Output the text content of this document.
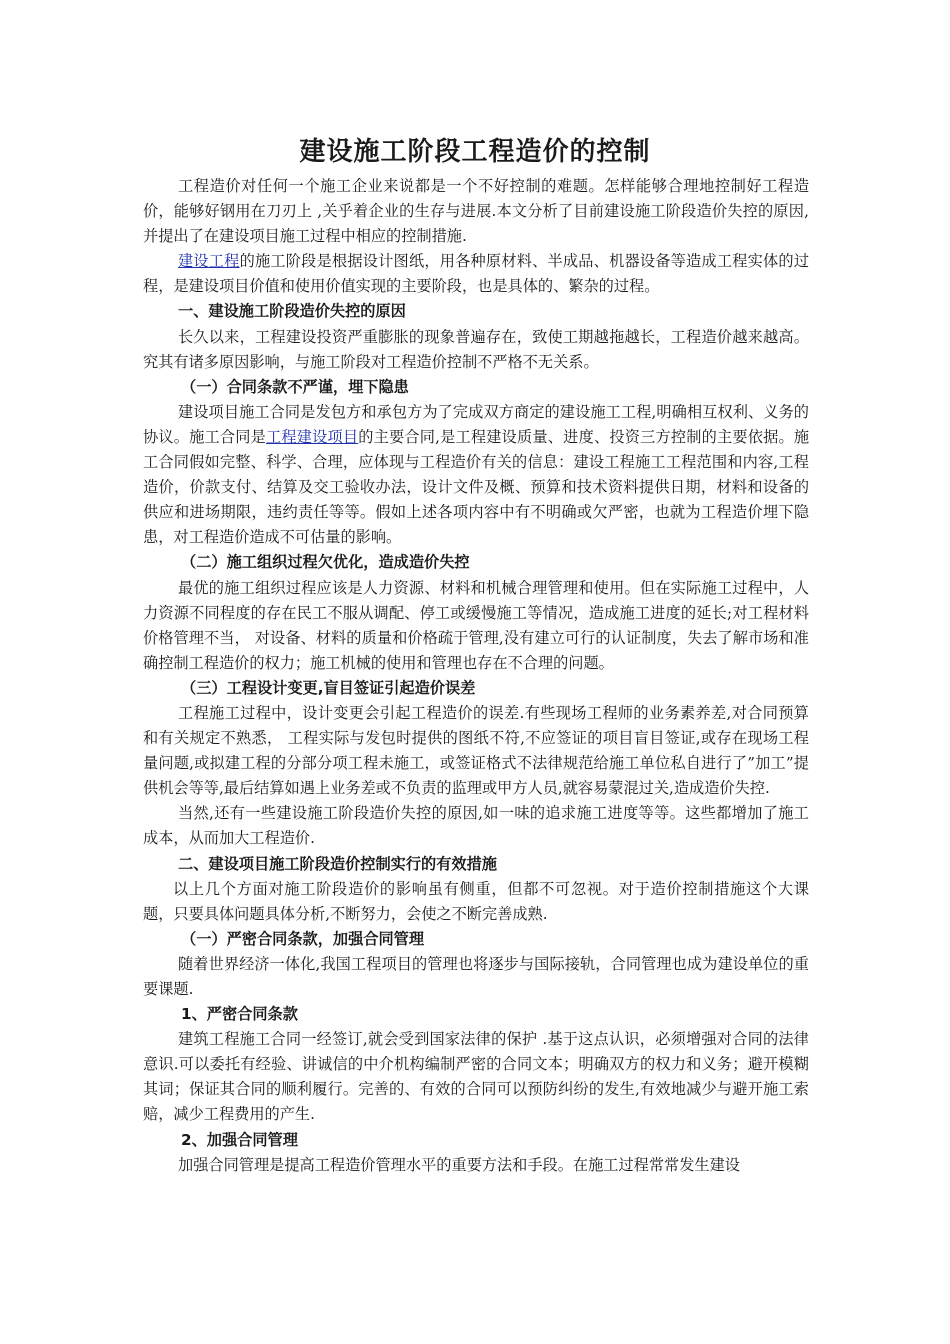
建设施工阶段工程造价的控制

工程造价对任何一个施工企业来说都是一个不好控制的难题。怎样能够合理地控制好工程造价，能够好钢用在刀刃上 ,关乎着企业的生存与进展.本文分析了目前建设施工阶段造价失控的原因,并提出了在建设项目施工过程中相应的控制措施.

建设工程的施工阶段是根据设计图纸，用各种原材料、半成品、机器设备等造成工程实体的过程，是建设项目价值和使用价值实现的主要阶段，也是具体的、繁杂的过程。

一、建设施工阶段造价失控的原因

长久以来，工程建设投资严重膨胀的现象普遍存在，致使工期越拖越长，工程造价越来越高。究其有诸多原因影响，与施工阶段对工程造价控制不严格不无关系。

（一）合同条款不严谨，埋下隐患

建设项目施工合同是发包方和承包方为了完成双方商定的建设施工工程,明确相互权利、义务的协议。施工合同是工程建设项目的主要合同,是工程建设质量、进度、投资三方控制的主要依据。施工合同假如完整、科学、合理，应体现与工程造价有关的信息：建设工程施工工程范围和内容,工程造价，价款支付、结算及交工验收办法，设计文件及概、预算和技术资料提供日期，材料和设备的供应和进场期限，违约责任等等。假如上述各项内容中有不明确或欠严密，也就为工程造价埋下隐患，对工程造价造成不可估量的影响。

（二）施工组织过程欠优化，造成造价失控

最优的施工组织过程应该是人力资源、材料和机械合理管理和使用。但在实际施工过程中，人力资源不同程度的存在民工不服从调配、停工或缓慢施工等情况，造成施工进度的延长;对工程材料价格管理不当， 对设备、材料的质量和价格疏于管理,没有建立可行的认证制度，失去了解市场和准确控制工程造价的权力；施工机械的使用和管理也存在不合理的问题。

（三）工程设计变更,盲目签证引起造价误差

工程施工过程中，设计变更会引起工程造价的误差.有些现场工程师的业务素养差,对合同预算和有关规定不熟悉， 工程实际与发包时提供的图纸不符,不应签证的项目盲目签证,或存在现场工程量问题,或拟建工程的分部分项工程未施工，或签证格式不法律规范给施工单位私自进行了”加工”提供机会等等,最后结算如遇上业务差或不负责的监理或甲方人员,就容易蒙混过关,造成造价失控.

当然,还有一些建设施工阶段造价失控的原因,如一味的追求施工进度等等。这些都增加了施工成本，从而加大工程造价.

二、建设项目施工阶段造价控制实行的有效措施

以上几个方面对施工阶段造价的影响虽有侧重，但都不可忽视。对于造价控制措施这个大课题，只要具体问题具体分析,不断努力，会使之不断完善成熟.

（一）严密合同条款，加强合同管理

随着世界经济一体化,我国工程项目的管理也将逐步与国际接轨，合同管理也成为建设单位的重要课题.

1、严密合同条款

建筑工程施工合同一经签订,就会受到国家法律的保护 .基于这点认识，必须增强对合同的法律意识.可以委托有经验、讲诚信的中介机构编制严密的合同文本；明确双方的权力和义务；避开模糊其词；保证其合同的顺利履行。完善的、有效的合同可以预防纠纷的发生,有效地减少与避开施工索赔，减少工程费用的产生.

2、加强合同管理

加强合同管理是提高工程造价管理水平的重要方法和手段。在施工过程常常发生建设
